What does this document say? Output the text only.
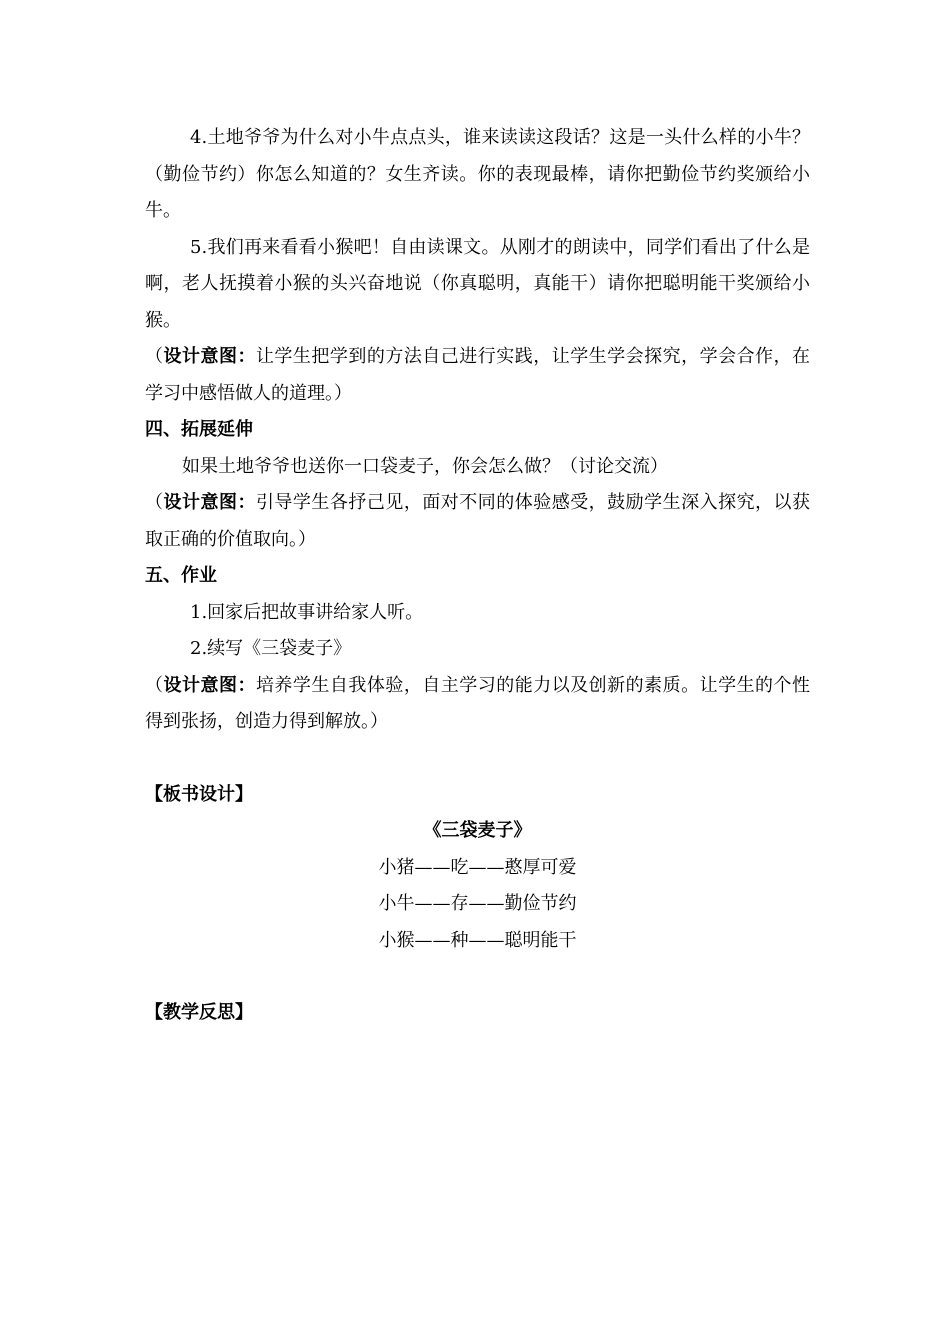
4.土地爷爷为什么对小牛点点头，谁来读读这段话？这是一头什么样的小牛？（勤俭节约）你怎么知道的？女生齐读。你的表现最棒，请你把勤俭节约奖颁给小牛。

5.我们再来看看小猴吧！自由读课文。从刚才的朗读中，同学们看出了什么是啊，老人抚摸着小猴的头兴奋地说（你真聪明，真能干）请你把聪明能干奖颁给小猴。

（设计意图：让学生把学到的方法自己进行实践，让学生学会探究，学会合作，在学习中感悟做人的道理。）

四、拓展延伸

如果土地爷爷也送你一口袋麦子，你会怎么做？（讨论交流）

（设计意图：引导学生各抒己见，面对不同的体验感受，鼓励学生深入探究，以获取正确的价值取向。）

五、作业

1.回家后把故事讲给家人听。

2.续写《三袋麦子》

（设计意图：培养学生自我体验，自主学习的能力以及创新的素质。让学生的个性得到张扬，创造力得到解放。）

【板书设计】

《三袋麦子》

小猪——吃——憨厚可爱

小牛——存——勤俭节约

小猴——种——聪明能干

【教学反思】
